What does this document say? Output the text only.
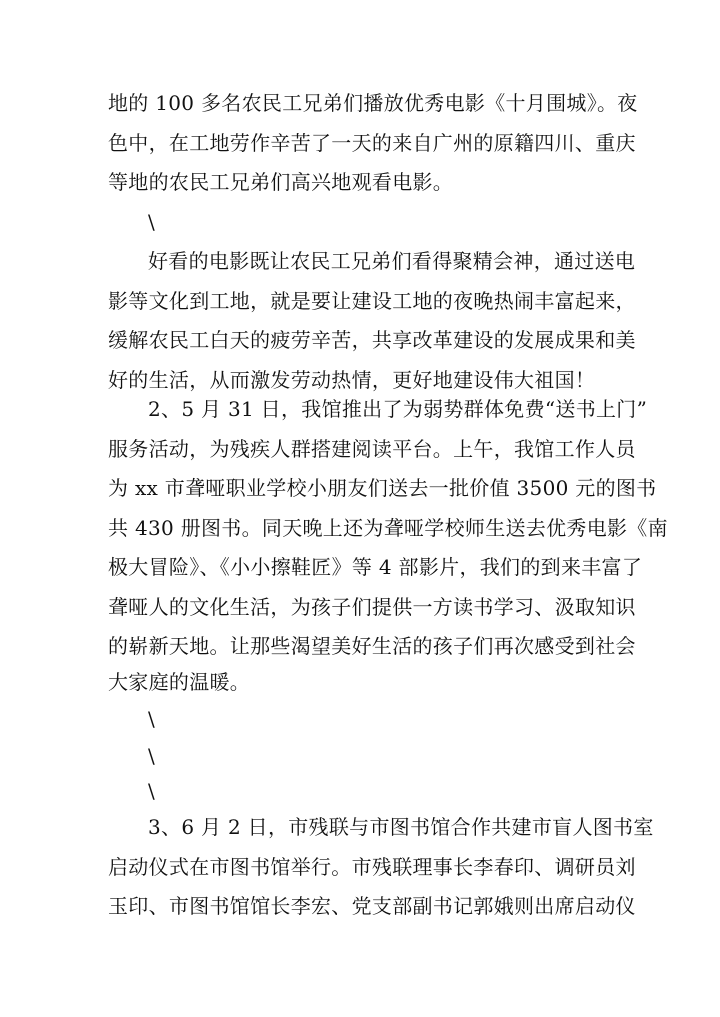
地的 100 多名农民工兄弟们播放优秀电影《十月围城》。夜
色中，在工地劳作辛苦了一天的来自广州的原籍四川、重庆
等地的农民工兄弟们高兴地观看电影。
\
好看的电影既让农民工兄弟们看得聚精会神，通过送电
影等文化到工地，就是要让建设工地的夜晚热闹丰富起来，
缓解农民工白天的疲劳辛苦，共享改革建设的发展成果和美
好的生活，从而激发劳动热情，更好地建设伟大祖国！
2、5 月 31 日，我馆推出了为弱势群体免费“送书上门”
服务活动，为残疾人群搭建阅读平台。上午，我馆工作人员
为 xx 市聋哑职业学校小朋友们送去一批价值 3500 元的图书
共 430 册图书。同天晚上还为聋哑学校师生送去优秀电影《南
极大冒险》、《小小擦鞋匠》等 4 部影片，我们的到来丰富了
聋哑人的文化生活，为孩子们提供一方读书学习、汲取知识
的崭新天地。让那些渴望美好生活的孩子们再次感受到社会
大家庭的温暖。
\
\
\
3、6 月 2 日，市残联与市图书馆合作共建市盲人图书室
启动仪式在市图书馆举行。市残联理事长李春印、调研员刘
玉印、市图书馆馆长李宏、党支部副书记郭娥则出席启动仪
